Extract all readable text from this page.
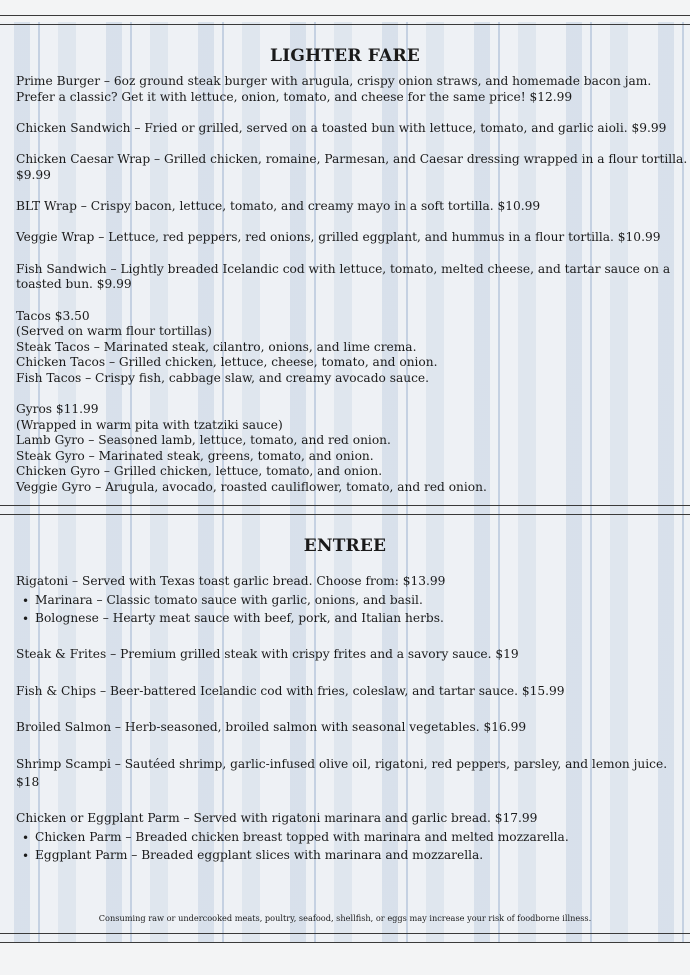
LIGHTER FARE
Prime Burger – 6oz ground steak burger with arugula, crispy onion straws, and homemade bacon jam.
Prefer a classic? Get it with lettuce, onion, tomato, and cheese for the same price! $12.99
Chicken Sandwich – Fried or grilled, served on a toasted bun with lettuce, tomato, and garlic aioli. $9.99
Chicken Caesar Wrap – Grilled chicken, romaine, Parmesan, and Caesar dressing wrapped in a flour tortilla.
$9.99
BLT Wrap – Crispy bacon, lettuce, tomato, and creamy mayo in a soft tortilla. $10.99
Veggie Wrap – Lettuce, red peppers, red onions, grilled eggplant, and hummus in a flour tortilla. $10.99
Fish Sandwich – Lightly breaded Icelandic cod with lettuce, tomato, melted cheese, and tartar sauce on a
toasted bun. $9.99
Tacos $3.50
(Served on warm flour tortillas)
Steak Tacos – Marinated steak, cilantro, onions, and lime crema.
Chicken Tacos – Grilled chicken, lettuce, cheese, tomato, and onion.
Fish Tacos – Crispy fish, cabbage slaw, and creamy avocado sauce.
Gyros $11.99
(Wrapped in warm pita with tzatziki sauce)
Lamb Gyro – Seasoned lamb, lettuce, tomato, and red onion.
Steak Gyro – Marinated steak, greens, tomato, and onion.
Chicken Gyro – Grilled chicken, lettuce, tomato, and onion.
Veggie Gyro – Arugula, avocado, roasted cauliflower, tomato, and red onion.
ENTREE
Rigatoni – Served with Texas toast garlic bread. Choose from: $13.99
• Marinara – Classic tomato sauce with garlic, onions, and basil.
• Bolognese – Hearty meat sauce with beef, pork, and Italian herbs.
Steak & Frites – Premium grilled steak with crispy frites and a savory sauce. $19
Fish & Chips – Beer-battered Icelandic cod with fries, coleslaw, and tartar sauce. $15.99
Broiled Salmon – Herb-seasoned, broiled salmon with seasonal vegetables. $16.99
Shrimp Scampi – Sautéed shrimp, garlic-infused olive oil, rigatoni, red peppers, parsley, and lemon juice.
$18
Chicken or Eggplant Parm – Served with rigatoni marinara and garlic bread. $17.99
• Chicken Parm – Breaded chicken breast topped with marinara and melted mozzarella.
• Eggplant Parm – Breaded eggplant slices with marinara and mozzarella.
Consuming raw or undercooked meats, poultry, seafood, shellfish, or eggs may increase your risk of foodborne illness.
